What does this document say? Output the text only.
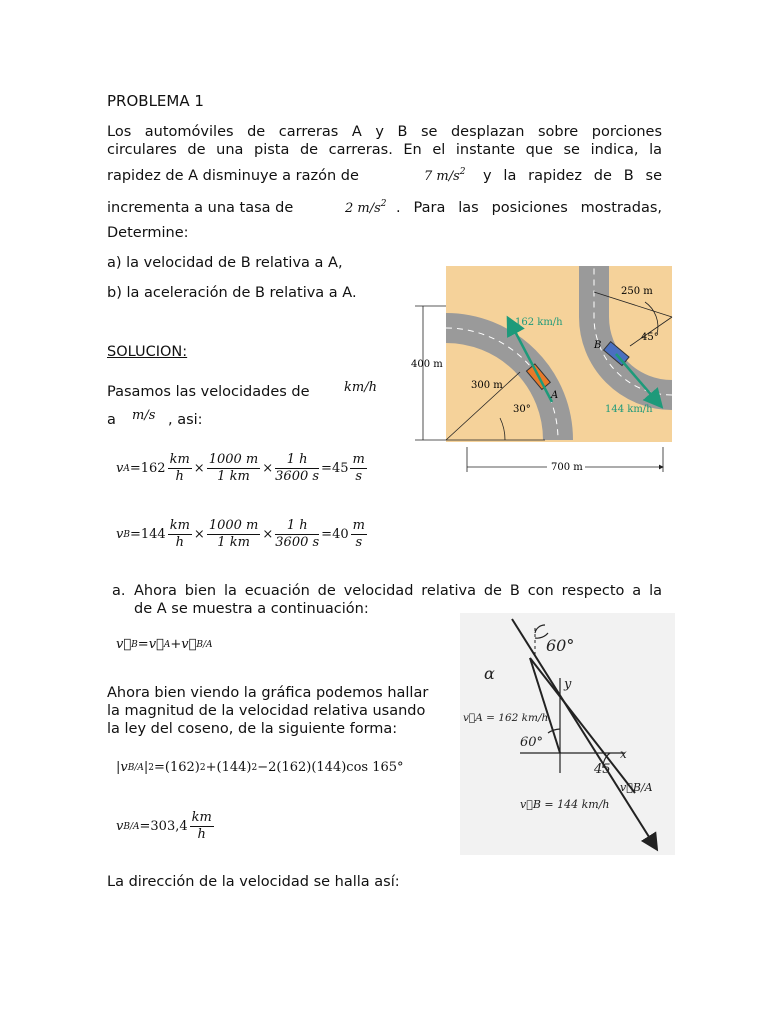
PROBLEMA 1
Los automóviles de carreras A y B se desplazan sobre porciones
circulares de una pista de carreras. En el instante que se indica, la
rapidez de A disminuye a razón de	7 $m/s^2$ y la rapidez de B se
incrementa a una tasa de	2 $m/s^2$ . Para las posiciones mostradas,
Determine:
a) la velocidad de B relativa a A,
b) la aceleración de B relativa a A.
SOLUCION:
Pasamos las velocidades de	km/h
a m/s , asi:
v $A =162 \frac{km}{h} \times \frac{1000 m}{1 km} \times \frac{1 h}{3600 s} =45 \frac{m}{s}$
v $B =144 \frac{km}{h} \times \frac{1000 m}{1 km} \times \frac{1 h}{3600 s} =40 \frac{m}{s}$
a. Ahora bien la ecuación de velocidad relativa de B con respecto a la
de A se muestra a continuación:
v⃗ B = v⃗ A + v⃗ B/A
Ahora bien viendo la gráfica podemos hallar
la magnitud de la velocidad relativa usando
la ley del coseno, de la siguiente forma:
| v B/A | 2 =(162) 2 +(144) 2 −2(162)(144)cos 165°
v $B/A =303,4 \frac{km}{h}$
La dirección de la velocidad se halla así:
250 m
45°
162 km/h
400 m
300 m
30°	144 km/h
700 m
A
B
60°
α
y
v⃗A = 162 km/h
60°
x
45
v⃗B/A
v⃗B = 144 km/h
